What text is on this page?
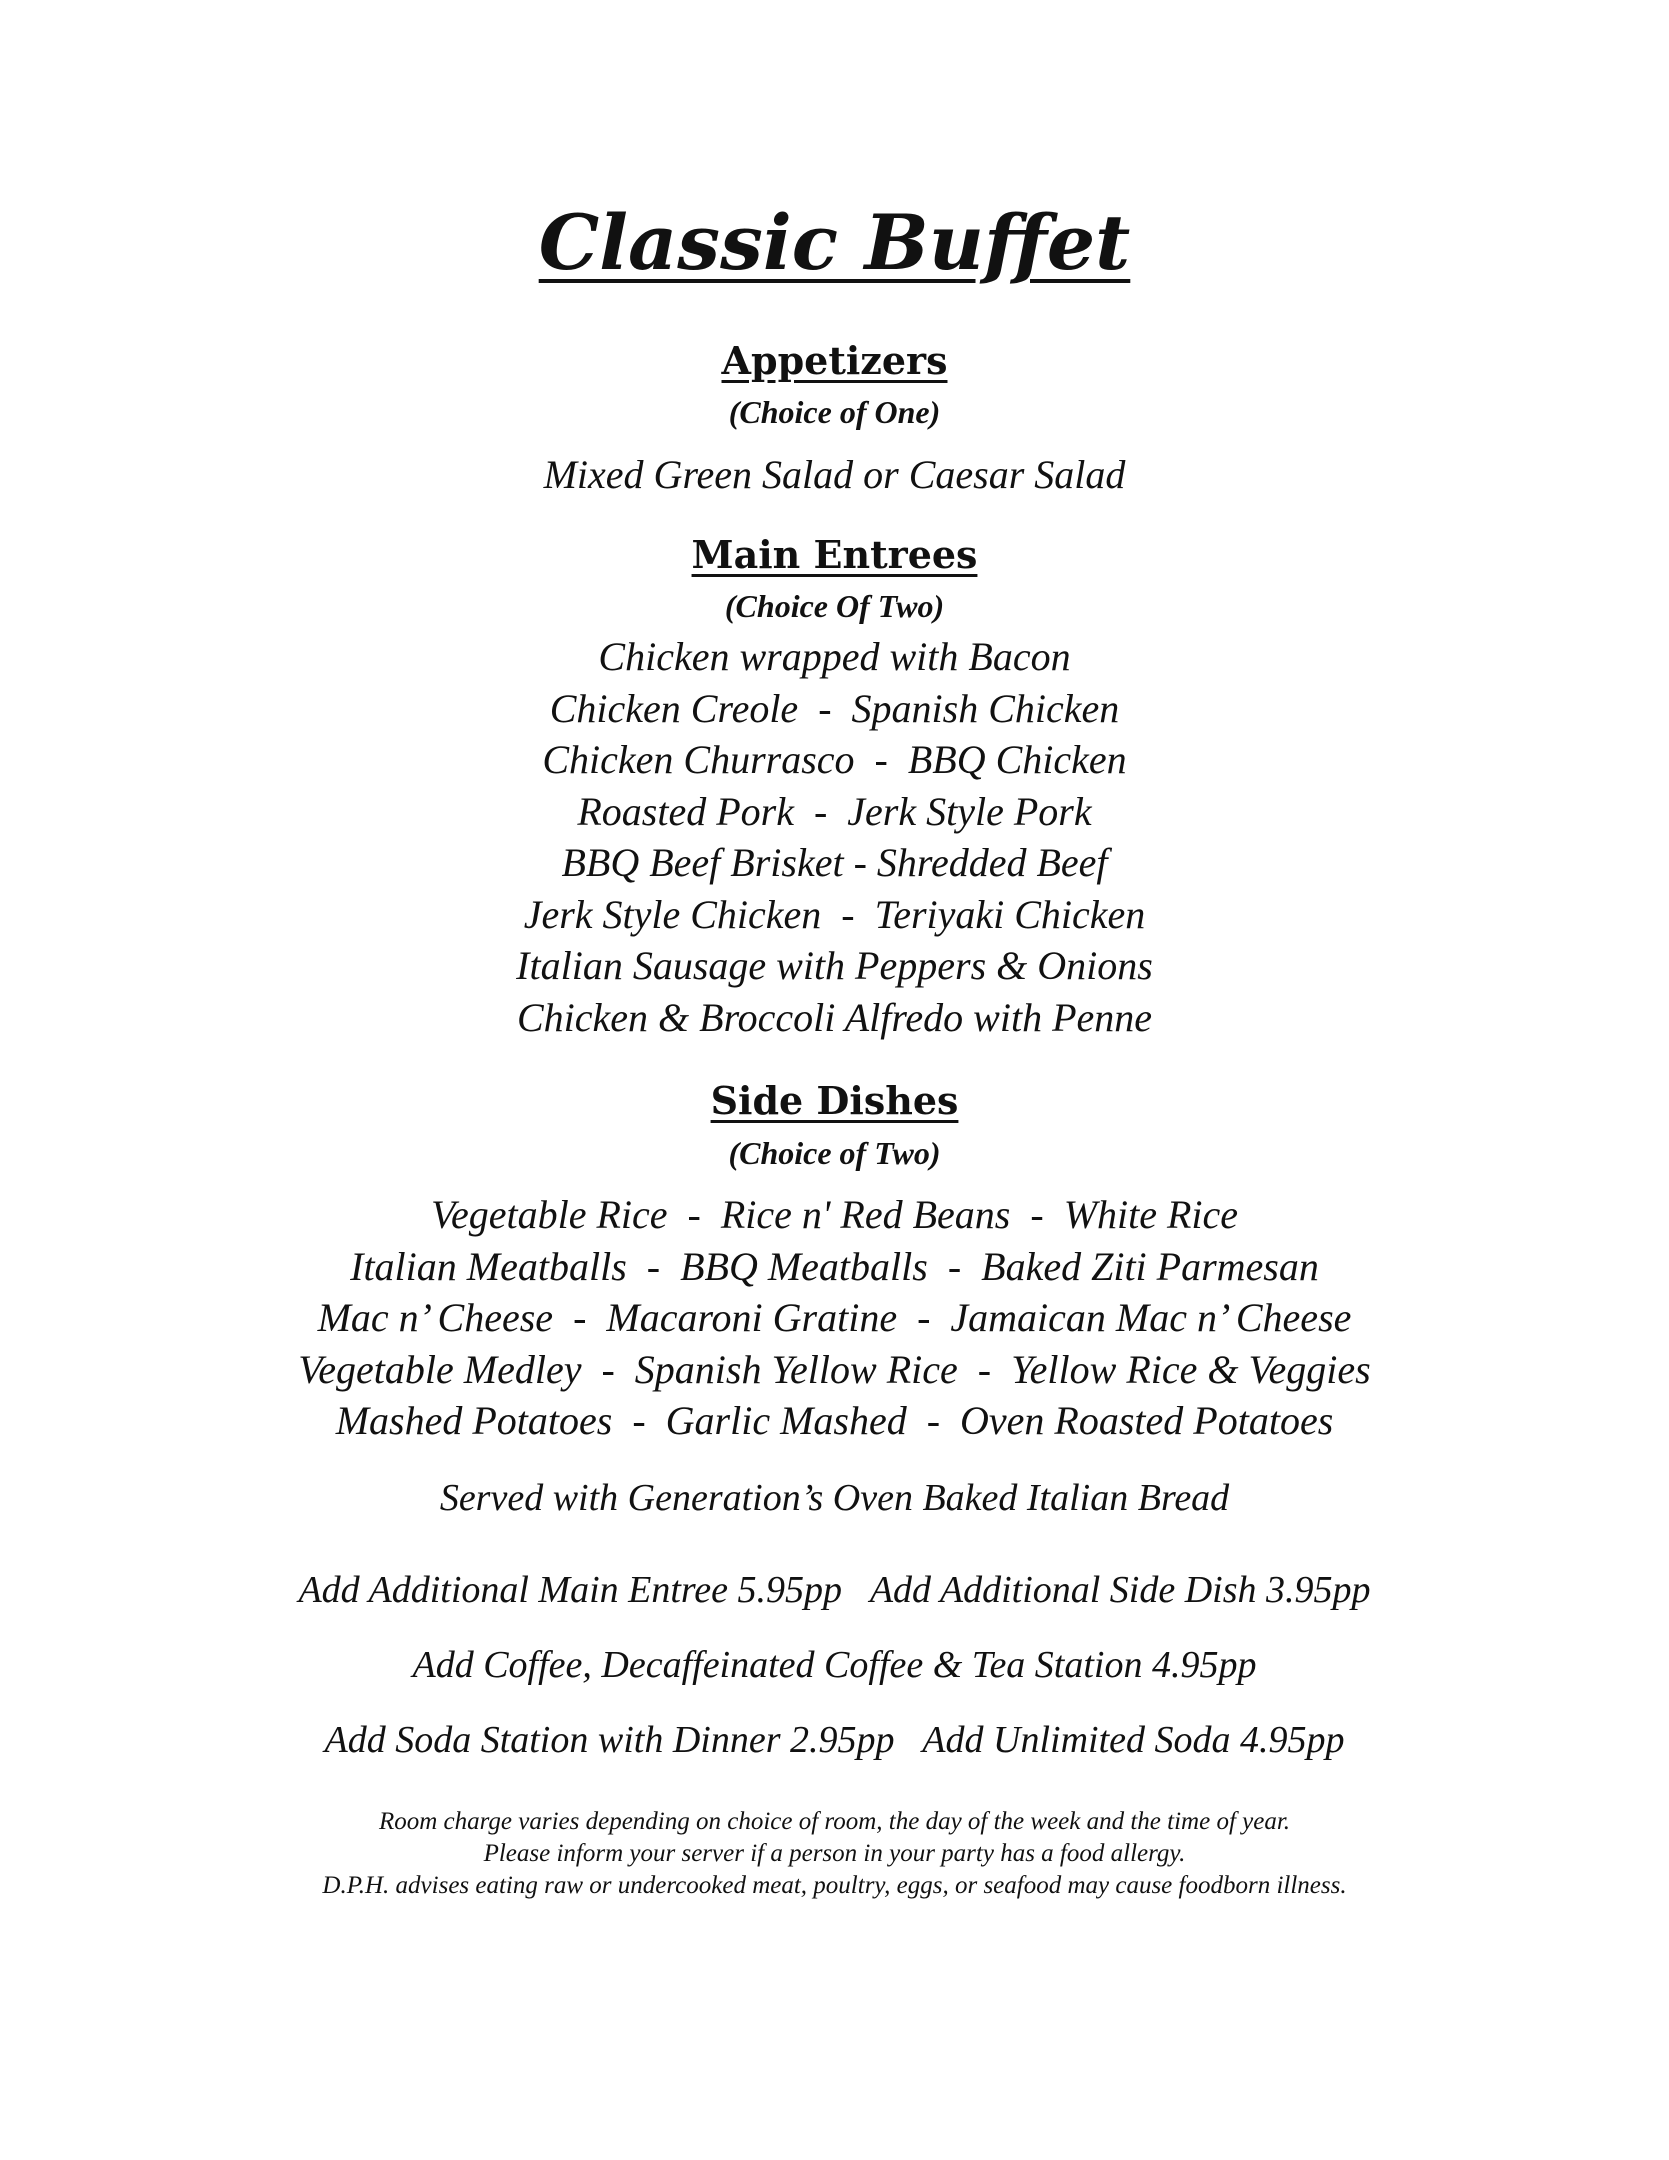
Classic Buffet
Appetizers
(Choice of One)
Mixed Green Salad or Caesar Salad
Main Entrees
(Choice Of Two)
Chicken wrapped with Bacon
Chicken Creole  -  Spanish Chicken
Chicken Churrasco  -  BBQ Chicken
Roasted Pork  -  Jerk Style Pork
BBQ Beef Brisket - Shredded Beef
Jerk Style Chicken  -  Teriyaki Chicken
Italian Sausage with Peppers & Onions
Chicken & Broccoli Alfredo with Penne
Side Dishes
(Choice of Two)
Vegetable Rice  -  Rice n' Red Beans  -  White Rice
Italian Meatballs  -  BBQ Meatballs  -  Baked Ziti Parmesan
Mac n’ Cheese  -  Macaroni Gratine  -  Jamaican Mac n’ Cheese
Vegetable Medley  -  Spanish Yellow Rice  -  Yellow Rice & Veggies
Mashed Potatoes  -  Garlic Mashed  -  Oven Roasted Potatoes
Served with Generation’s Oven Baked Italian Bread
Add Additional Main Entree 5.95pp   Add Additional Side Dish 3.95pp
Add Coffee, Decaffeinated Coffee & Tea Station 4.95pp
Add Soda Station with Dinner 2.95pp   Add Unlimited Soda 4.95pp
Room charge varies depending on choice of room, the day of the week and the time of year.
Please inform your server if a person in your party has a food allergy.
D.P.H. advises eating raw or undercooked meat, poultry, eggs, or seafood may cause foodborn illness.
